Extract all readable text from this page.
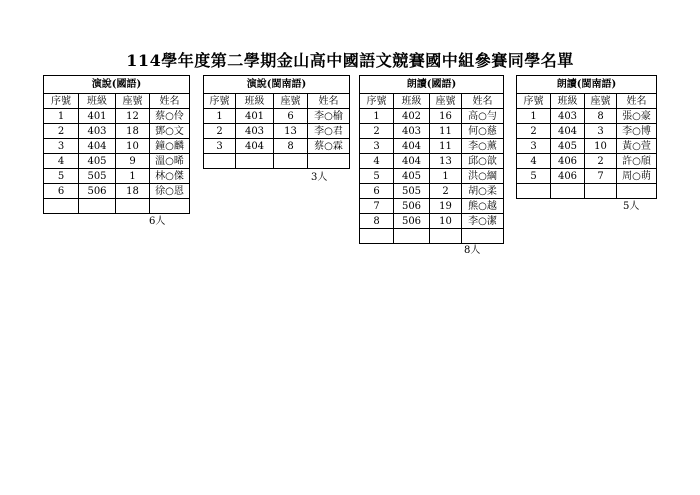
114學年度第二學期金山高中國語文競賽國中組參賽同學名單
演說(國語)			
序號	班級	座號	姓名
1	401	12	蔡○伶
2	403	18	鄧○文
3	404	10	鐘○麟
4	405	9	溫○晞
5	505	1	林○傑
6	506	18	徐○恩

6人
演說(閩南語)			
序號	班級	座號	姓名
1	401	6	李○榆
2	403	13	李○君
3	404	8	蔡○霖

3人
朗讀(國語)			
序號	班級	座號	姓名
1	402	16	高○勻
2	403	11	何○慈
3	404	11	李○薰
4	404	13	邱○歆
5	405	1	洪○綱
6	505	2	胡○柔
7	506	19	熊○越
8	506	10	李○潔

8人
朗讀(閩南語)			
序號	班級	座號	姓名
1	403	8	張○豪
2	404	3	李○博
3	405	10	黃○萱
4	406	2	許○頎
5	406	7	周○萌

5人
